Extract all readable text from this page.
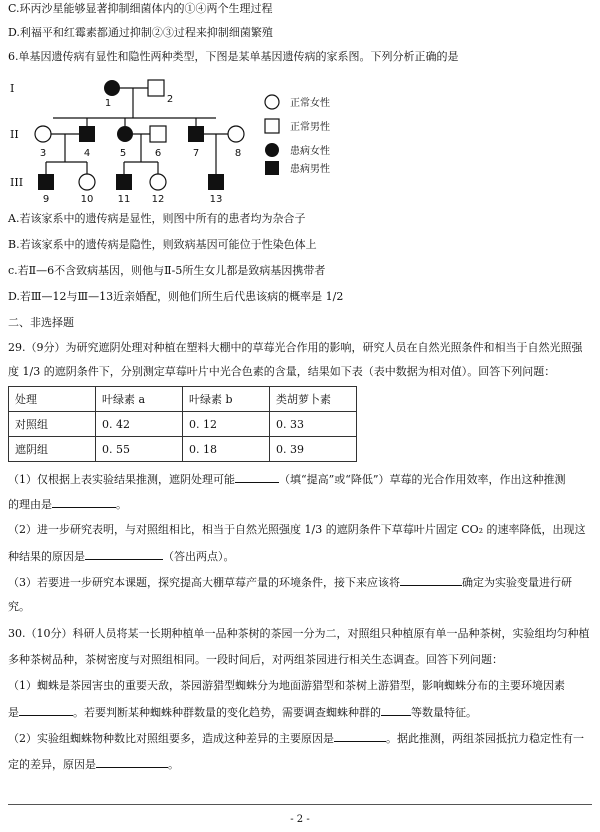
C.环丙沙星能够显著抑制细菌体内的①④两个生理过程
D.利福平和红霉素都通过抑制②③过程来抑制细菌繁殖
6.单基因遗传病有显性和隐性两种类型，下图是某单基因遗传病的家系图。下列分析正确的是
I
II
III
1	2
3	4	5	6	7	8
9	10 11 12	13
正常女性
正常男性
患病女性
患病男性
A.若该家系中的遗传病是显性，则图中所有的患者均为杂合子
B.若该家系中的遗传病是隐性，则致病基因可能位于性染色体上
c.若Ⅱ—6不含致病基因，则他与Ⅱ-5所生女儿都是致病基因携带者
D.若Ⅲ—12与Ⅲ—13近亲婚配，则他们所生后代患该病的概率是 1/2
二、非选择题
29.（9分）为研究遮阴处理对种植在塑料大棚中的草莓光合作用的影响，研究人员在自然光照条件和相当于自然光照强
度 1/3 的遮阴条件下，分别测定草莓叶片中光合色素的含量，结果如下表（表中数据为相对值）。回答下列问题：
处理	叶绿素 a	叶绿素 b	类胡萝卜素
对照组	0. 42	0. 12	0. 33
遮阴组	0. 55	0. 18	0. 39
（1）仅根据上表实验结果推测，遮阴处理可能	（填“提高”或“降低”）草莓的光合作用效率，作出这种推测
的理由是	。
（2）进一步研究表明，与对照组相比，相当于自然光照强度 1/3 的遮阴条件下草莓叶片固定 CO₂ 的速率降低，出现这
种结果的原因是	（答出两点）。
（3）若要进一步研究本课题，探究提高大棚草莓产量的环境条件，接下来应该将	确定为实验变量进行研
究。
30.（10分）科研人员将某一长期种植单一品种茶树的茶园一分为二，对照组只种植原有单一品种茶树，实验组均匀种植
多种茶树品种，茶树密度与对照组相同。一段时间后，对两组茶园进行相关生态调查。回答下列问题：
（1）蜘蛛是茶园害虫的重要天敌，茶园游猎型蜘蛛分为地面游猎型和茶树上游猎型，影响蜘蛛分布的主要环境因素
是	。若要判断某种蜘蛛种群数量的变化趋势，需要调查蜘蛛种群的	等数量特征。
（2）实验组蜘蛛物种数比对照组要多，造成这种差异的主要原因是	。据此推测，两组茶园抵抗力稳定性有一
定的差异，原因是	。
- 2 -
